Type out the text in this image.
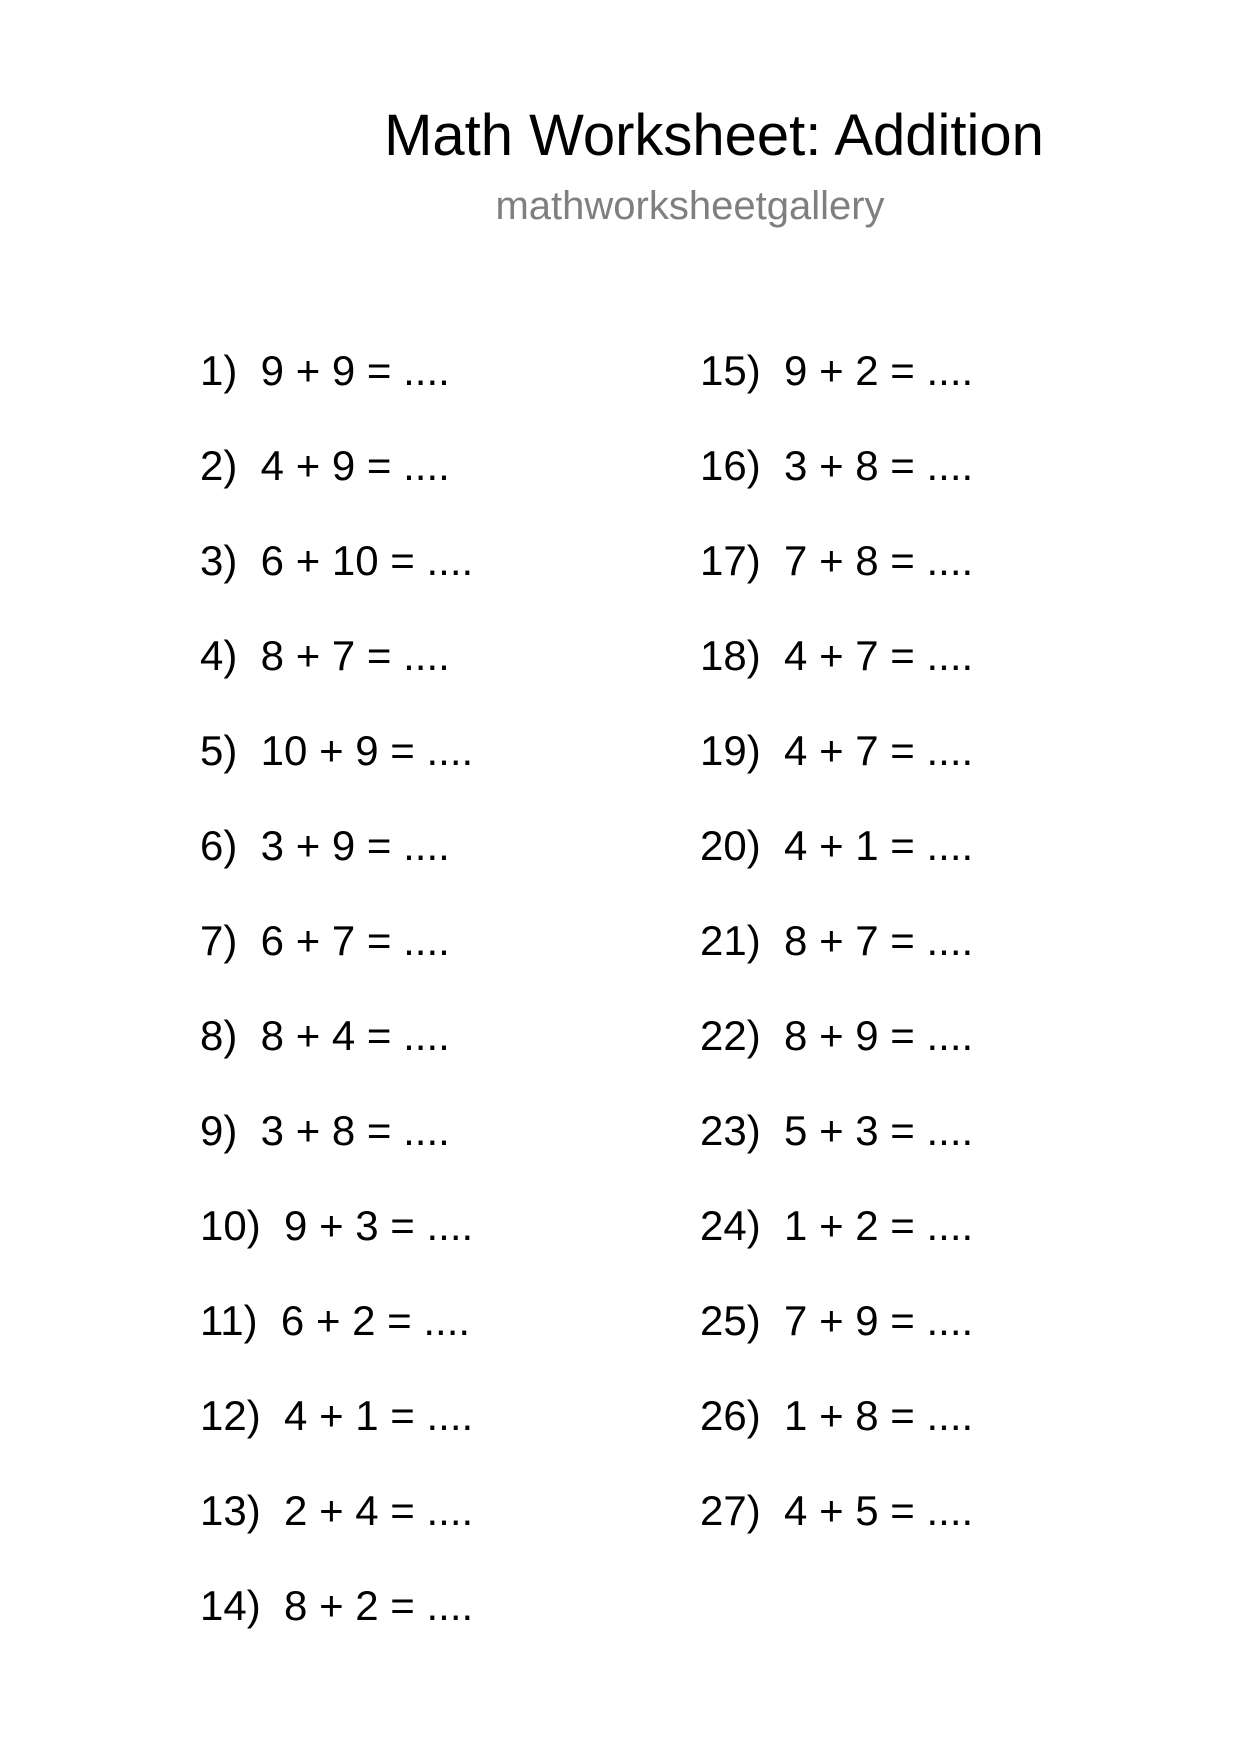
Math Worksheet: Addition
mathworksheetgallery

1)  9 + 9 = ....

2)  4 + 9 = ....

3)  6 + 10 = ....

4)  8 + 7 = ....

5)  10 + 9 = ....

6)  3 + 9 = ....

7)  6 + 7 = ....

8)  8 + 4 = ....

9)  3 + 8 = ....

10)  9 + 3 = ....

11)  6 + 2 = ....

12)  4 + 1 = ....

13)  2 + 4 = ....

14)  8 + 2 = ....

15)  9 + 2 = ....

16)  3 + 8 = ....

17)  7 + 8 = ....

18)  4 + 7 = ....

19)  4 + 7 = ....

20)  4 + 1 = ....

21)  8 + 7 = ....

22)  8 + 9 = ....

23)  5 + 3 = ....

24)  1 + 2 = ....

25)  7 + 9 = ....

26)  1 + 8 = ....

27)  4 + 5 = ....
